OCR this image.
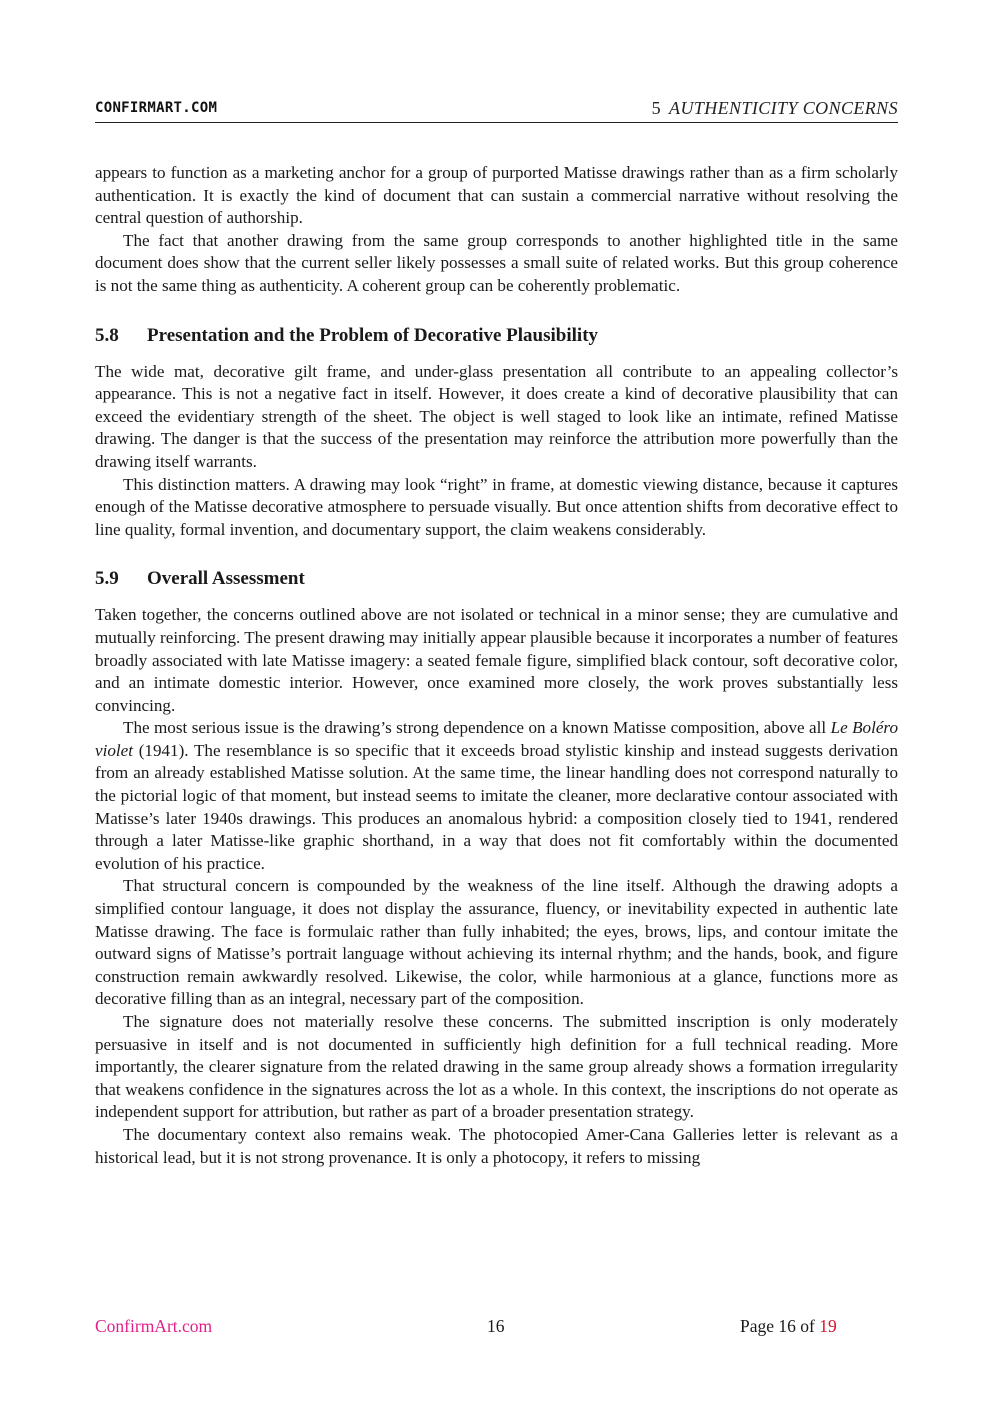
CONFIRMART.COM	5 AUTHENTICITY CONCERNS

appears to function as a marketing anchor for a group of purported Matisse drawings rather than as a firm scholarly authentication. It is exactly the kind of document that can sustain a commercial narrative without resolving the central question of authorship.

The fact that another drawing from the same group corresponds to another highlighted title in the same document does show that the current seller likely possesses a small suite of related works. But this group coherence is not the same thing as authenticity. A coherent group can be coherently problematic.

5.8 Presentation and the Problem of Decorative Plausibility

The wide mat, decorative gilt frame, and under-glass presentation all contribute to an appealing collector’s appearance. This is not a negative fact in itself. However, it does create a kind of decorative plausibility that can exceed the evidentiary strength of the sheet. The object is well staged to look like an intimate, refined Matisse drawing. The danger is that the success of the presentation may reinforce the attribution more powerfully than the drawing itself warrants.

This distinction matters. A drawing may look “right” in frame, at domestic viewing distance, because it captures enough of the Matisse decorative atmosphere to persuade visually. But once attention shifts from decorative effect to line quality, formal invention, and documentary support, the claim weakens considerably.

5.9 Overall Assessment

Taken together, the concerns outlined above are not isolated or technical in a minor sense; they are cumulative and mutually reinforcing. The present drawing may initially appear plausible because it incorporates a number of features broadly associated with late Matisse imagery: a seated female figure, simplified black contour, soft decorative color, and an intimate domestic interior. However, once examined more closely, the work proves substantially less convincing.

The most serious issue is the drawing’s strong dependence on a known Matisse composition, above all Le Boléro violet (1941). The resemblance is so specific that it exceeds broad stylistic kinship and instead suggests derivation from an already established Matisse solution. At the same time, the linear handling does not correspond naturally to the pictorial logic of that moment, but instead seems to imitate the cleaner, more declarative contour associated with Matisse’s later 1940s drawings. This produces an anomalous hybrid: a composition closely tied to 1941, rendered through a later Matisse-like graphic shorthand, in a way that does not fit comfortably within the documented evolution of his practice.

That structural concern is compounded by the weakness of the line itself. Although the drawing adopts a simplified contour language, it does not display the assurance, fluency, or inevitability expected in authentic late Matisse drawing. The face is formulaic rather than fully inhabited; the eyes, brows, lips, and contour imitate the outward signs of Matisse’s portrait language without achieving its internal rhythm; and the hands, book, and figure construction remain awkwardly resolved. Likewise, the color, while harmonious at a glance, functions more as decorative filling than as an integral, necessary part of the composition.

The signature does not materially resolve these concerns. The submitted inscription is only moderately persuasive in itself and is not documented in sufficiently high definition for a full technical reading. More importantly, the clearer signature from the related drawing in the same group already shows a formation irregularity that weakens confidence in the signatures across the lot as a whole. In this context, the inscriptions do not operate as independent support for attribution, but rather as part of a broader presentation strategy.

The documentary context also remains weak. The photocopied Amer-Cana Galleries letter is relevant as a historical lead, but it is not strong provenance. It is only a photocopy, it refers to missing

ConfirmArt.com	16	Page 16 of 19
